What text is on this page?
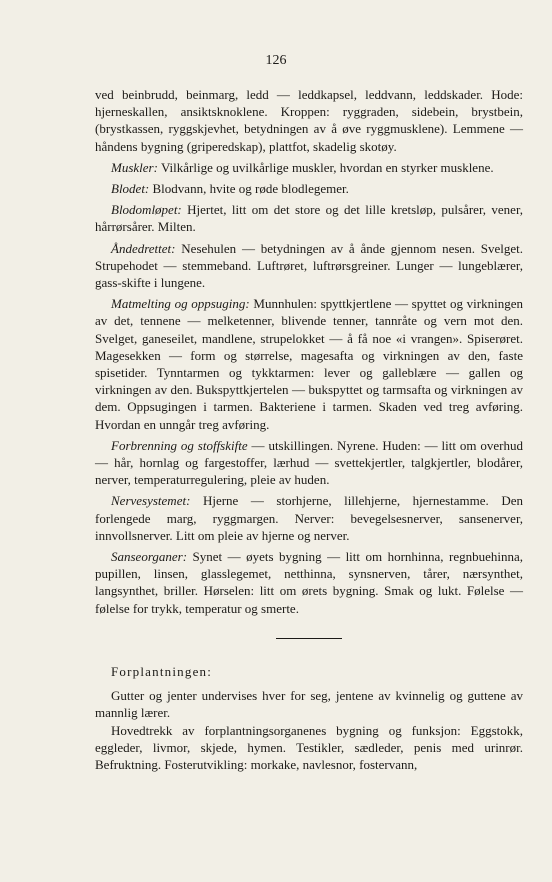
126

ved beinbrudd, beinmarg, ledd — leddkapsel, leddvann, leddskader. Hode: hjerneskallen, ansiktsknoklene. Kroppen: ryggraden, sidebein, brystbein, (brystkassen, ryggskjevhet, betydningen av å øve ryggmusklene). Lemmene — håndens bygning (griperedskap), plattfot, skadelig skotøy.

Muskler: Vilkårlige og uvilkårlige muskler, hvordan en styrker musklene.

Blodet: Blodvann, hvite og røde blodlegemer.

Blodomløpet: Hjertet, litt om det store og det lille kretsløp, pulsårer, vener, hårrørsårer. Milten.

Åndedrettet: Nesehulen — betydningen av å ånde gjennom nesen. Svelget. Strupehodet — stemmeband. Luftrøret, luftrørsgreiner. Lunger — lungeblærer, gass-skifte i lungene.

Matmelting og oppsuging: Munnhulen: spyttkjertlene — spyttet og virkningen av det, tennene — melketenner, blivende tenner, tannråte og vern mot den. Svelget, ganeseilet, mandlene, strupelokket — å få noe «i vrangen». Spiserøret. Magesekken — form og størrelse, magesafta og virkningen av den, faste spisetider. Tynntarmen og tykktarmen: lever og galleblære — gallen og virkningen av den. Bukspyttkjertelen — bukspyttet og tarmsafta og virkningen av dem. Oppsugingen i tarmen. Bakteriene i tarmen. Skaden ved treg avføring. Hvordan en unngår treg avføring.

Forbrenning og stoffskifte — utskillingen. Nyrene. Huden: — litt om overhud — hår, hornlag og fargestoffer, lærhud — svettekjertler, talgkjertler, blodårer, nerver, temperaturregulering, pleie av huden.

Nervesystemet: Hjerne — storhjerne, lillehjerne, hjernestamme. Den forlengede marg, ryggmargen. Nerver: bevegelsesnerver, sansenerver, innvollsnerver. Litt om pleie av hjerne og nerver.

Sanseorganer: Synet — øyets bygning — litt om hornhinna, regnbuehinna, pupillen, linsen, glasslegemet, netthinna, synsnerven, tårer, nærsynthet, langsynthet, briller. Hørselen: litt om ørets bygning. Smak og lukt. Følelse — følelse for trykk, temperatur og smerte.

Forplantningen:

Gutter og jenter undervises hver for seg, jentene av kvinnelig og guttene av mannlig lærer.

Hovedtrekk av forplantningsorganenes bygning og funksjon: Eggstokk, eggleder, livmor, skjede, hymen. Testikler, sædleder, penis med urinrør. Befruktning. Fosterutvikling: morkake, navlesnor, fostervann,
